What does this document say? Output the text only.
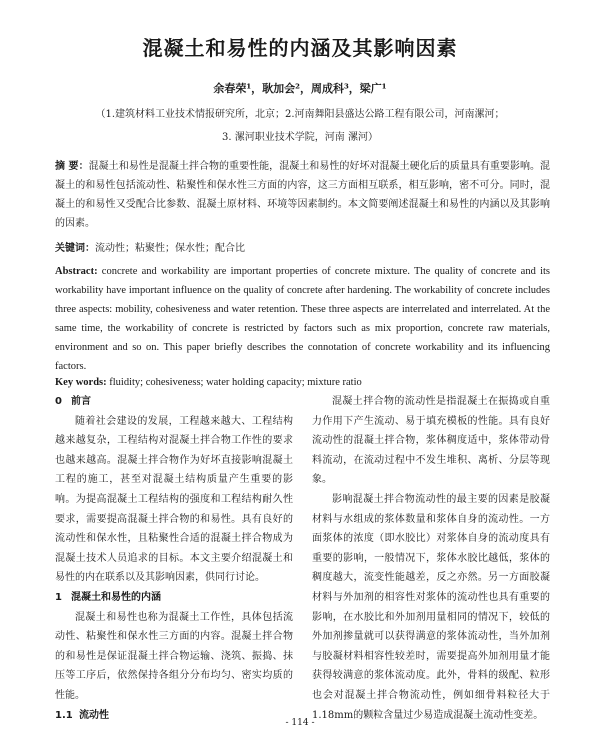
混凝土和易性的内涵及其影响因素
余春荣¹，耿加会²，周成科³，梁广¹
（1.建筑材料工业技术情报研究所，北京；2.河南舞阳县盛达公路工程有限公司，河南漯河；
3. 漯河职业技术学院，河南 漯河）
摘 要：混凝土和易性是混凝土拌合物的重要性能，混凝土和易性的好坏对混凝土硬化后的质量具有重要影响。混凝土的和易性包括流动性、粘聚性和保水性三方面的内容，这三方面相互联系，相互影响，密不可分。同时，混凝土的和易性又受配合比参数、混凝土原材料、环境等因素制约。本文简要阐述混凝土和易性的内涵以及其影响的因素。
关键词：流动性；粘聚性；保水性；配合比
Abstract: concrete and workability are important properties of concrete mixture. The quality of concrete and its workability have important influence on the quality of concrete after hardening. The workability of concrete includes three aspects: mobility, cohesiveness and water retention. These three aspects are interrelated and interrelated. At the same time, the workability of concrete is restricted by factors such as mix proportion, concrete raw materials, environment and so on. This paper briefly describes the connotation of concrete workability and its influencing factors.
Key words: fluidity; cohesiveness; water holding capacity; mixture ratio
0 前言

随着社会建设的发展，工程越来越大、工程结构越来越复杂，工程结构对混凝土拌合物工作性的要求也越来越高。混凝土拌合物作为好坏直接影响混凝土工程的施工，甚至对混凝土结构质量产生重要的影响。为提高混凝土工程结构的强度和工程结构耐久性要求，需要提高混凝土拌合物的和易性。具有良好的流动性和保水性，且粘聚性合适的混凝土拌合物成为混凝土技术人员追求的目标。本文主要介绍混凝土和易性的内在联系以及其影响因素，供同行讨论。

1 混凝土和易性的内涵

混凝土和易性也称为混凝土工作性，具体包括流动性、粘聚性和保水性三方面的内容。混凝土拌合物的和易性是保证混凝土拌合物运输、浇筑、振捣、抹压等工序后，依然保持各组分分布均匀、密实均质的性能。

1.1 流动性

混凝土拌合物的流动性是指混凝土在振捣或自重力作用下产生流动、易于填充模板的性能。具有良好流动性的混凝土拌合物，浆体稠度适中，浆体带动骨料流动，在流动过程中不发生堆积、离析、分层等现象。

影响混凝土拌合物流动性的最主要的因素是胶凝材料与水组成的浆体数量和浆体自身的流动性。一方面浆体的浓度（即水胶比）对浆体自身的流动度具有重要的影响，一般情况下，浆体水胶比越低，浆体的稠度越大，流变性能越差，反之亦然。另一方面胶凝材料与外加剂的相容性对浆体的流动性也具有重要的影响，在水胶比和外加剂用量相同的情况下，较低的外加剂掺量就可以获得满意的浆体流动性，当外加剂与胶凝材料相容性较差时，需要提高外加剂用量才能获得较满意的浆体流动度。此外，骨料的级配、粒形也会对混凝土拌合物流动性，例如细骨料粒径大于1.18mm的颗粒含量过少易造成混凝土流动性变差。

- 114 -
